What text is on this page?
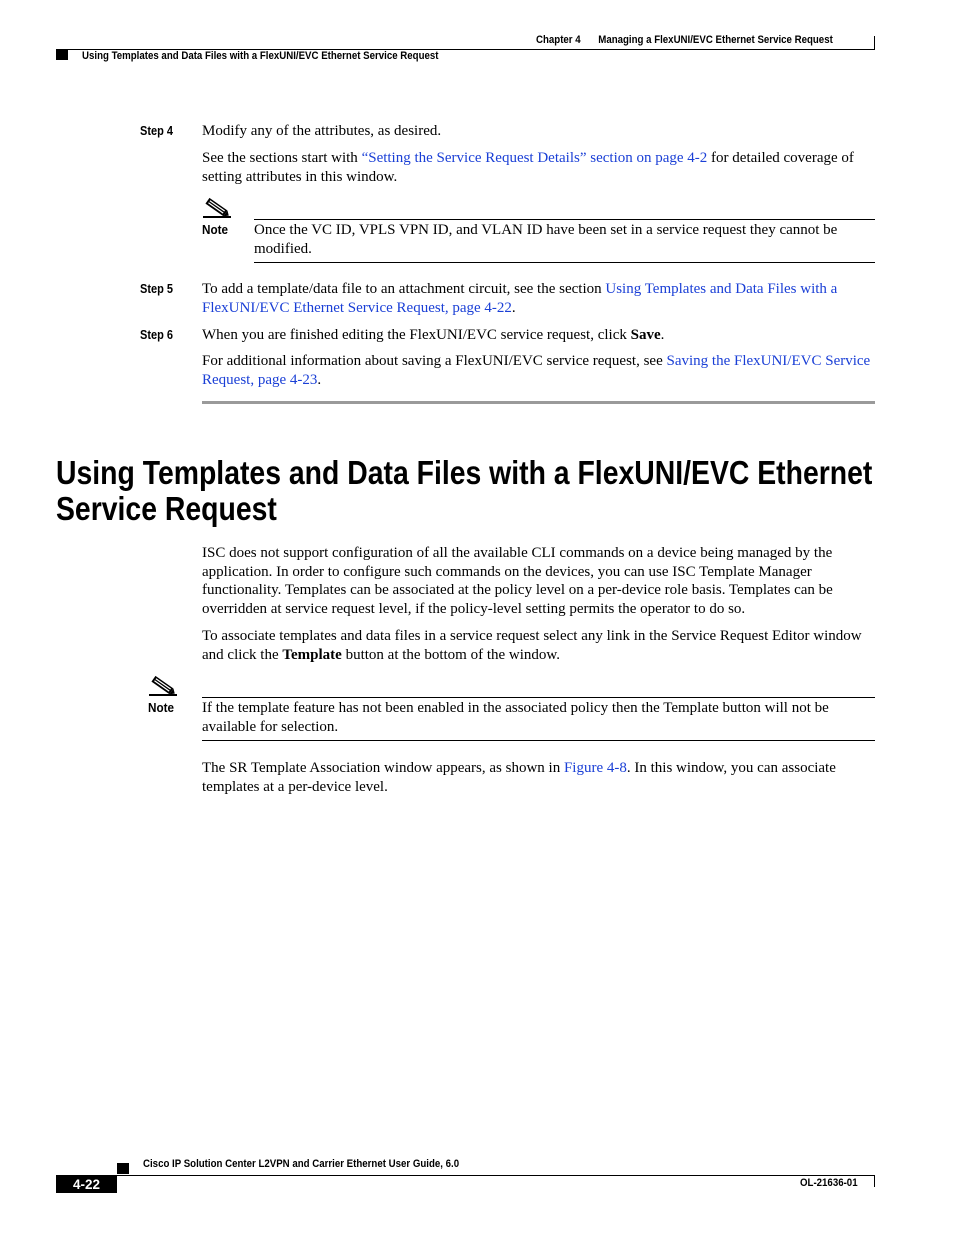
Chapter 4 Managing a FlexUNI/EVC Ethernet Service Request
Using Templates and Data Files with a FlexUNI/EVC Ethernet Service Request
Step 4 Modify any of the attributes, as desired.
See the sections start with “Setting the Service Request Details” section on page 4-2 for detailed coverage of setting attributes in this window.
Note Once the VC ID, VPLS VPN ID, and VLAN ID have been set in a service request they cannot be modified.
Step 5 To add a template/data file to an attachment circuit, see the section Using Templates and Data Files with a FlexUNI/EVC Ethernet Service Request, page 4-22.
Step 6 When you are finished editing the FlexUNI/EVC service request, click Save.
For additional information about saving a FlexUNI/EVC service request, see Saving the FlexUNI/EVC Service Request, page 4-23.
Using Templates and Data Files with a FlexUNI/EVC Ethernet
Service Request
ISC does not support configuration of all the available CLI commands on a device being managed by the application. In order to configure such commands on the devices, you can use ISC Template Manager functionality. Templates can be associated at the policy level on a per-device role basis. Templates can be overridden at service request level, if the policy-level setting permits the operator to do so.
To associate templates and data files in a service request select any link in the Service Request Editor window and click the Template button at the bottom of the window.
Note If the template feature has not been enabled in the associated policy then the Template button will not be available for selection.
The SR Template Association window appears, as shown in Figure 4-8. In this window, you can associate templates at a per-device level.
Cisco IP Solution Center L2VPN and Carrier Ethernet User Guide, 6.0
4-22	OL-21636-01
